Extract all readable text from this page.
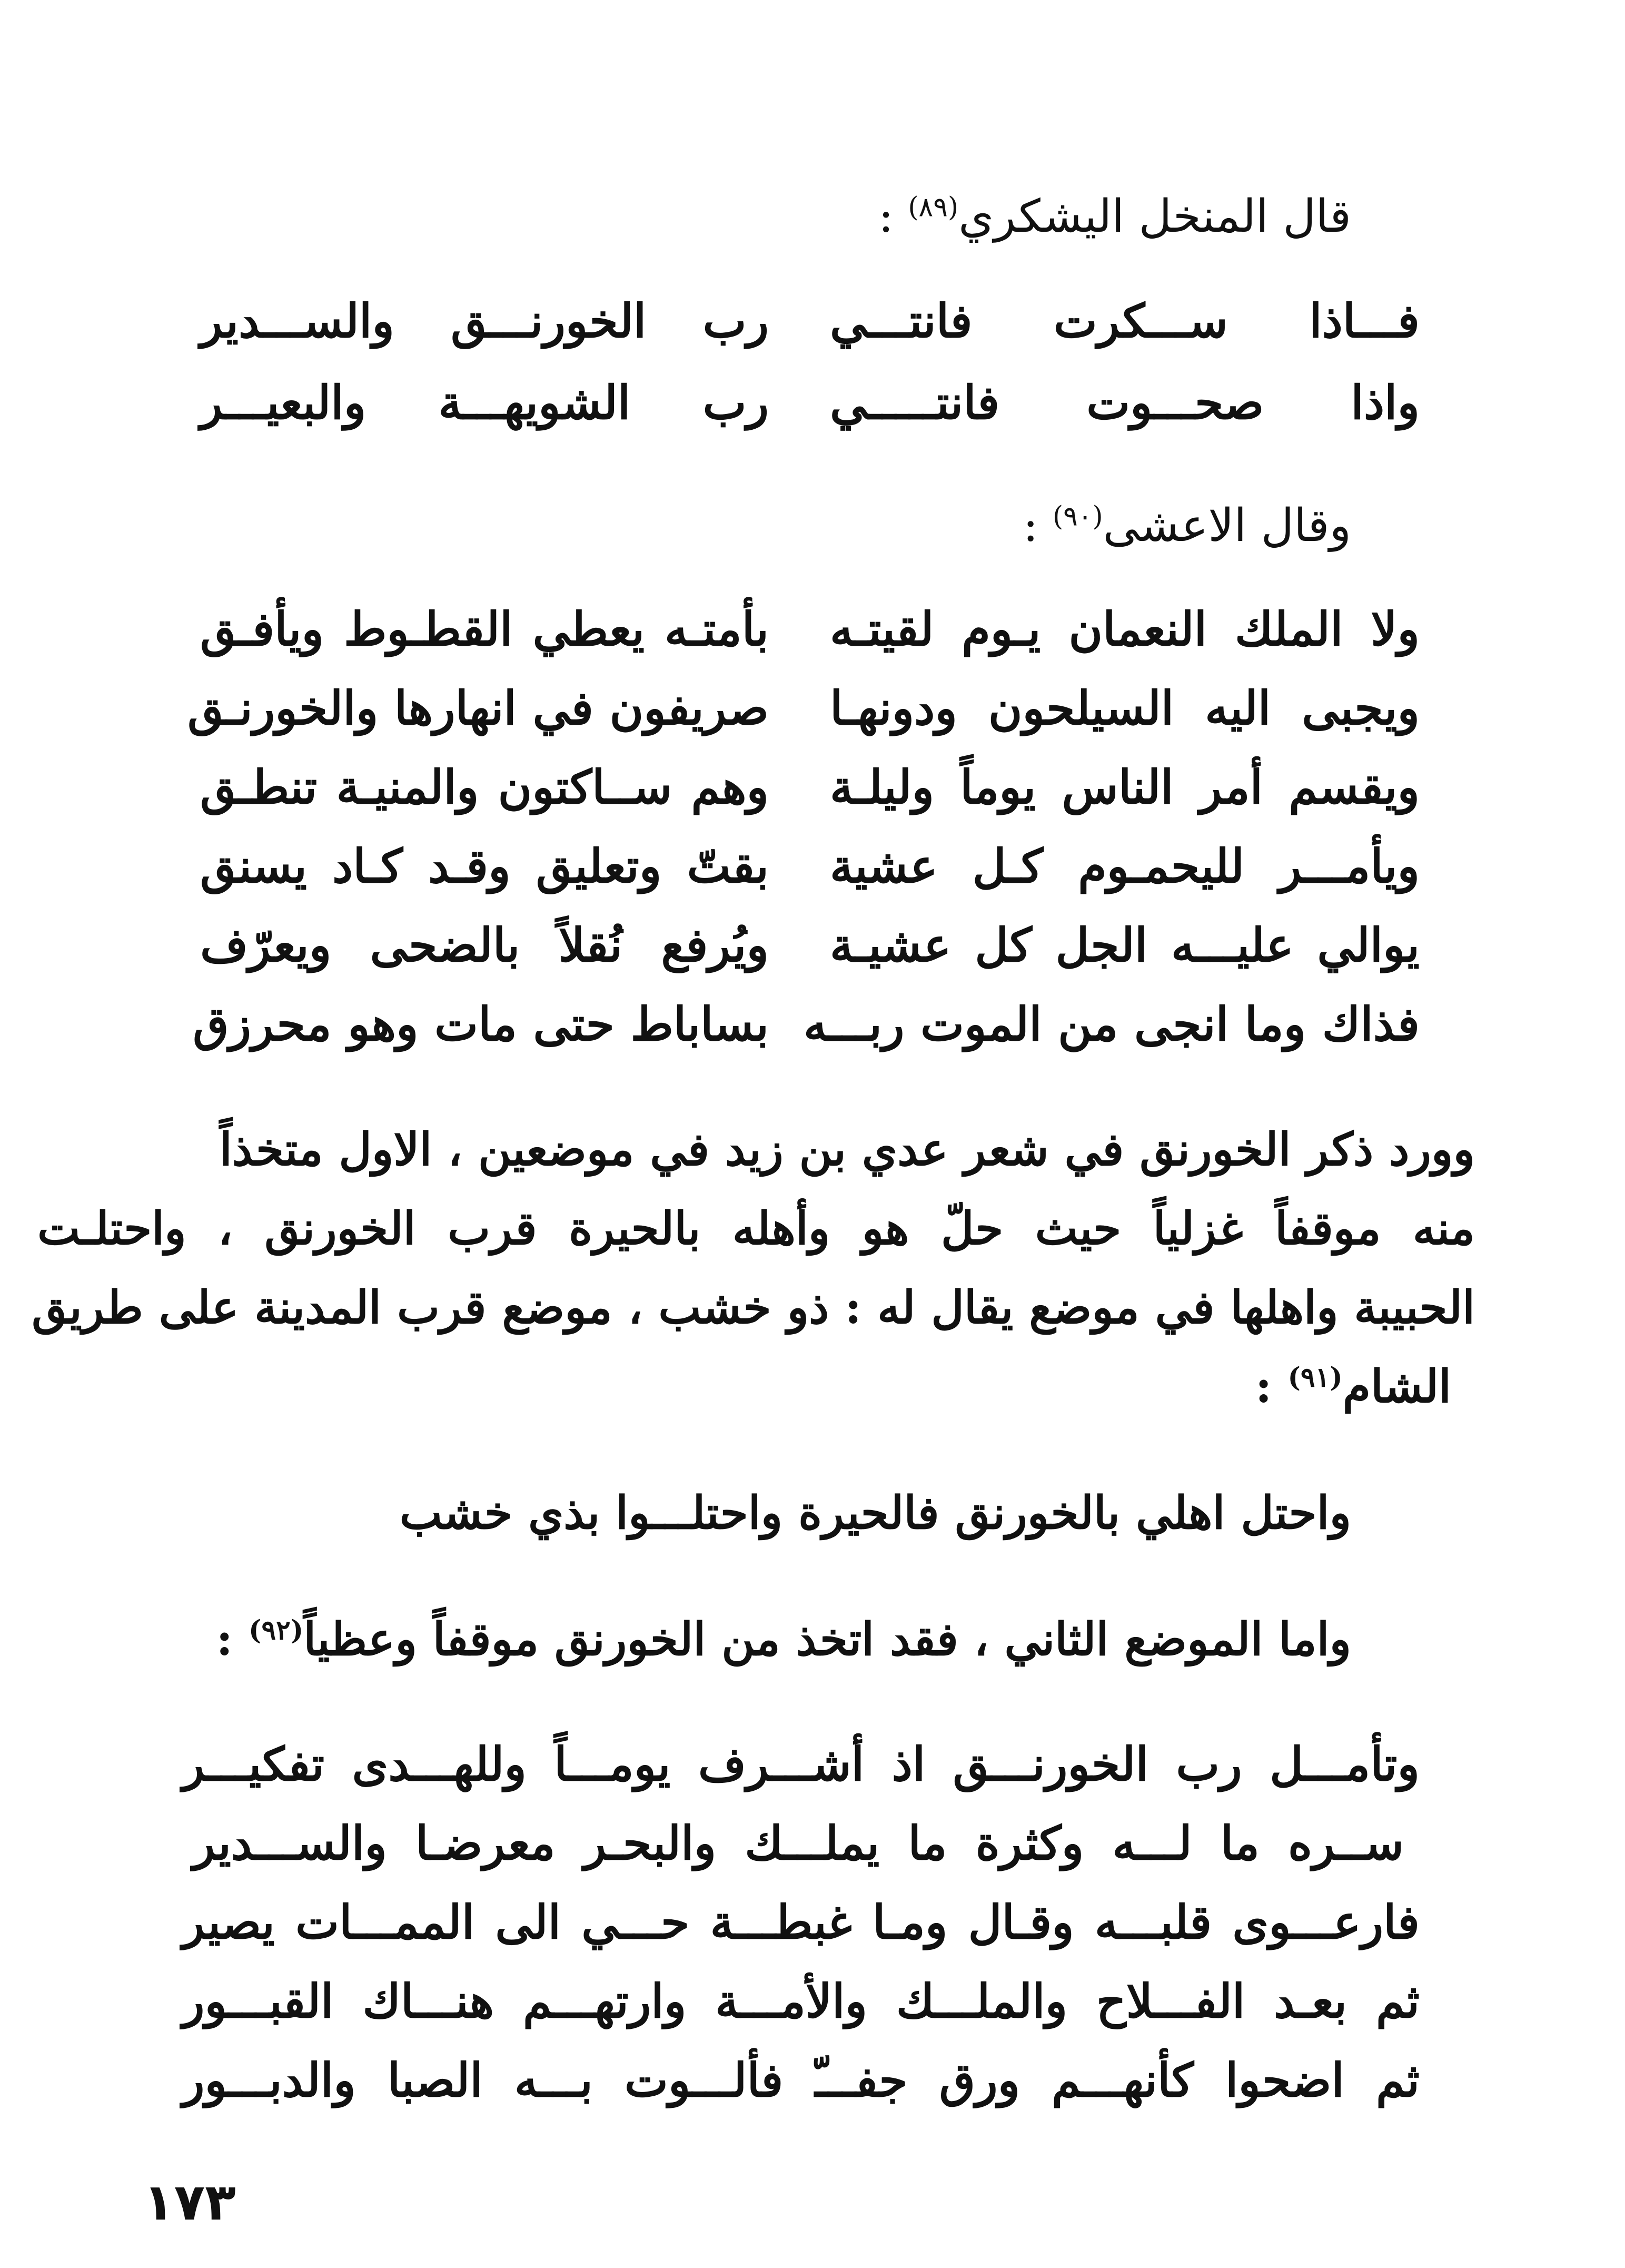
قال المنخل اليشكري$^{(٨٩)}$ :
فـــاذا ســـكرت فانتـــي
رب الخورنـــق والســـدير
واذا صحـــوت فانتـــــي
رب الشويهـــة والبعيـــر
وقال الاعشى$^{(٩٠)}$ :
ولا الملك النعمان يـوم لقيتـه
بأمتـه يعطي القطـوط ويأفـق
ويجبى اليه السيلحون ودونهـا
صريفون في انهارها والخورنـق
ويقسم أمر الناس يوماً وليلـة
وهم ســاكتون والمنيـة تنطـق
ويأمـــر لليحمـوم كـل عشية
بقتّ وتعليق وقـد كـاد يسنق
يوالي عليـــه الجل كل عشيـة
ويُرفع نُقلاً بالضحى ويعرّف
فذاك وما انجى من الموت ربـــه
بساباط حتى مات وهو محرزق
وورد ذكر الخورنق في شعر عدي بن زيد في موضعين ، الاول متخذاً
منه موقفاً غزلياً حيث حلّ هو وأهله بالحيرة قرب الخورنق ، واحتلـت
الحبيبة واهلها في موضع يقال له : ذو خشب ، موضع قرب المدينة على طريق
الشام$^{(٩١)}$ :
واحتل اهلي بالخورنق فالحيرة واحتلـــوا بذي خشب
واما الموضع الثاني ، فقد اتخذ من الخورنق موقفاً وعظياً$^{(٩٢)}$ :
وتأمـــل رب الخورنـــق اذ أشـــرف يومـــاً وللهـــدى تفكيـــر
ســره ما لـــه وكثرة ما يملـــك والبحـر معرضـا والســـدير
فارعـــوى قلبـــه وقـال ومـا غبطـــة حـــي الى الممـــات يصير
ثم بعـد الفـــلاح والملـــك والأمـــة وارتهـــم هنـــاك القبـــور
ثم اضحوا كأنهـــم ورق جفـــّ فألـــوت بـــه الصبا والدبـــور
١٧٣
